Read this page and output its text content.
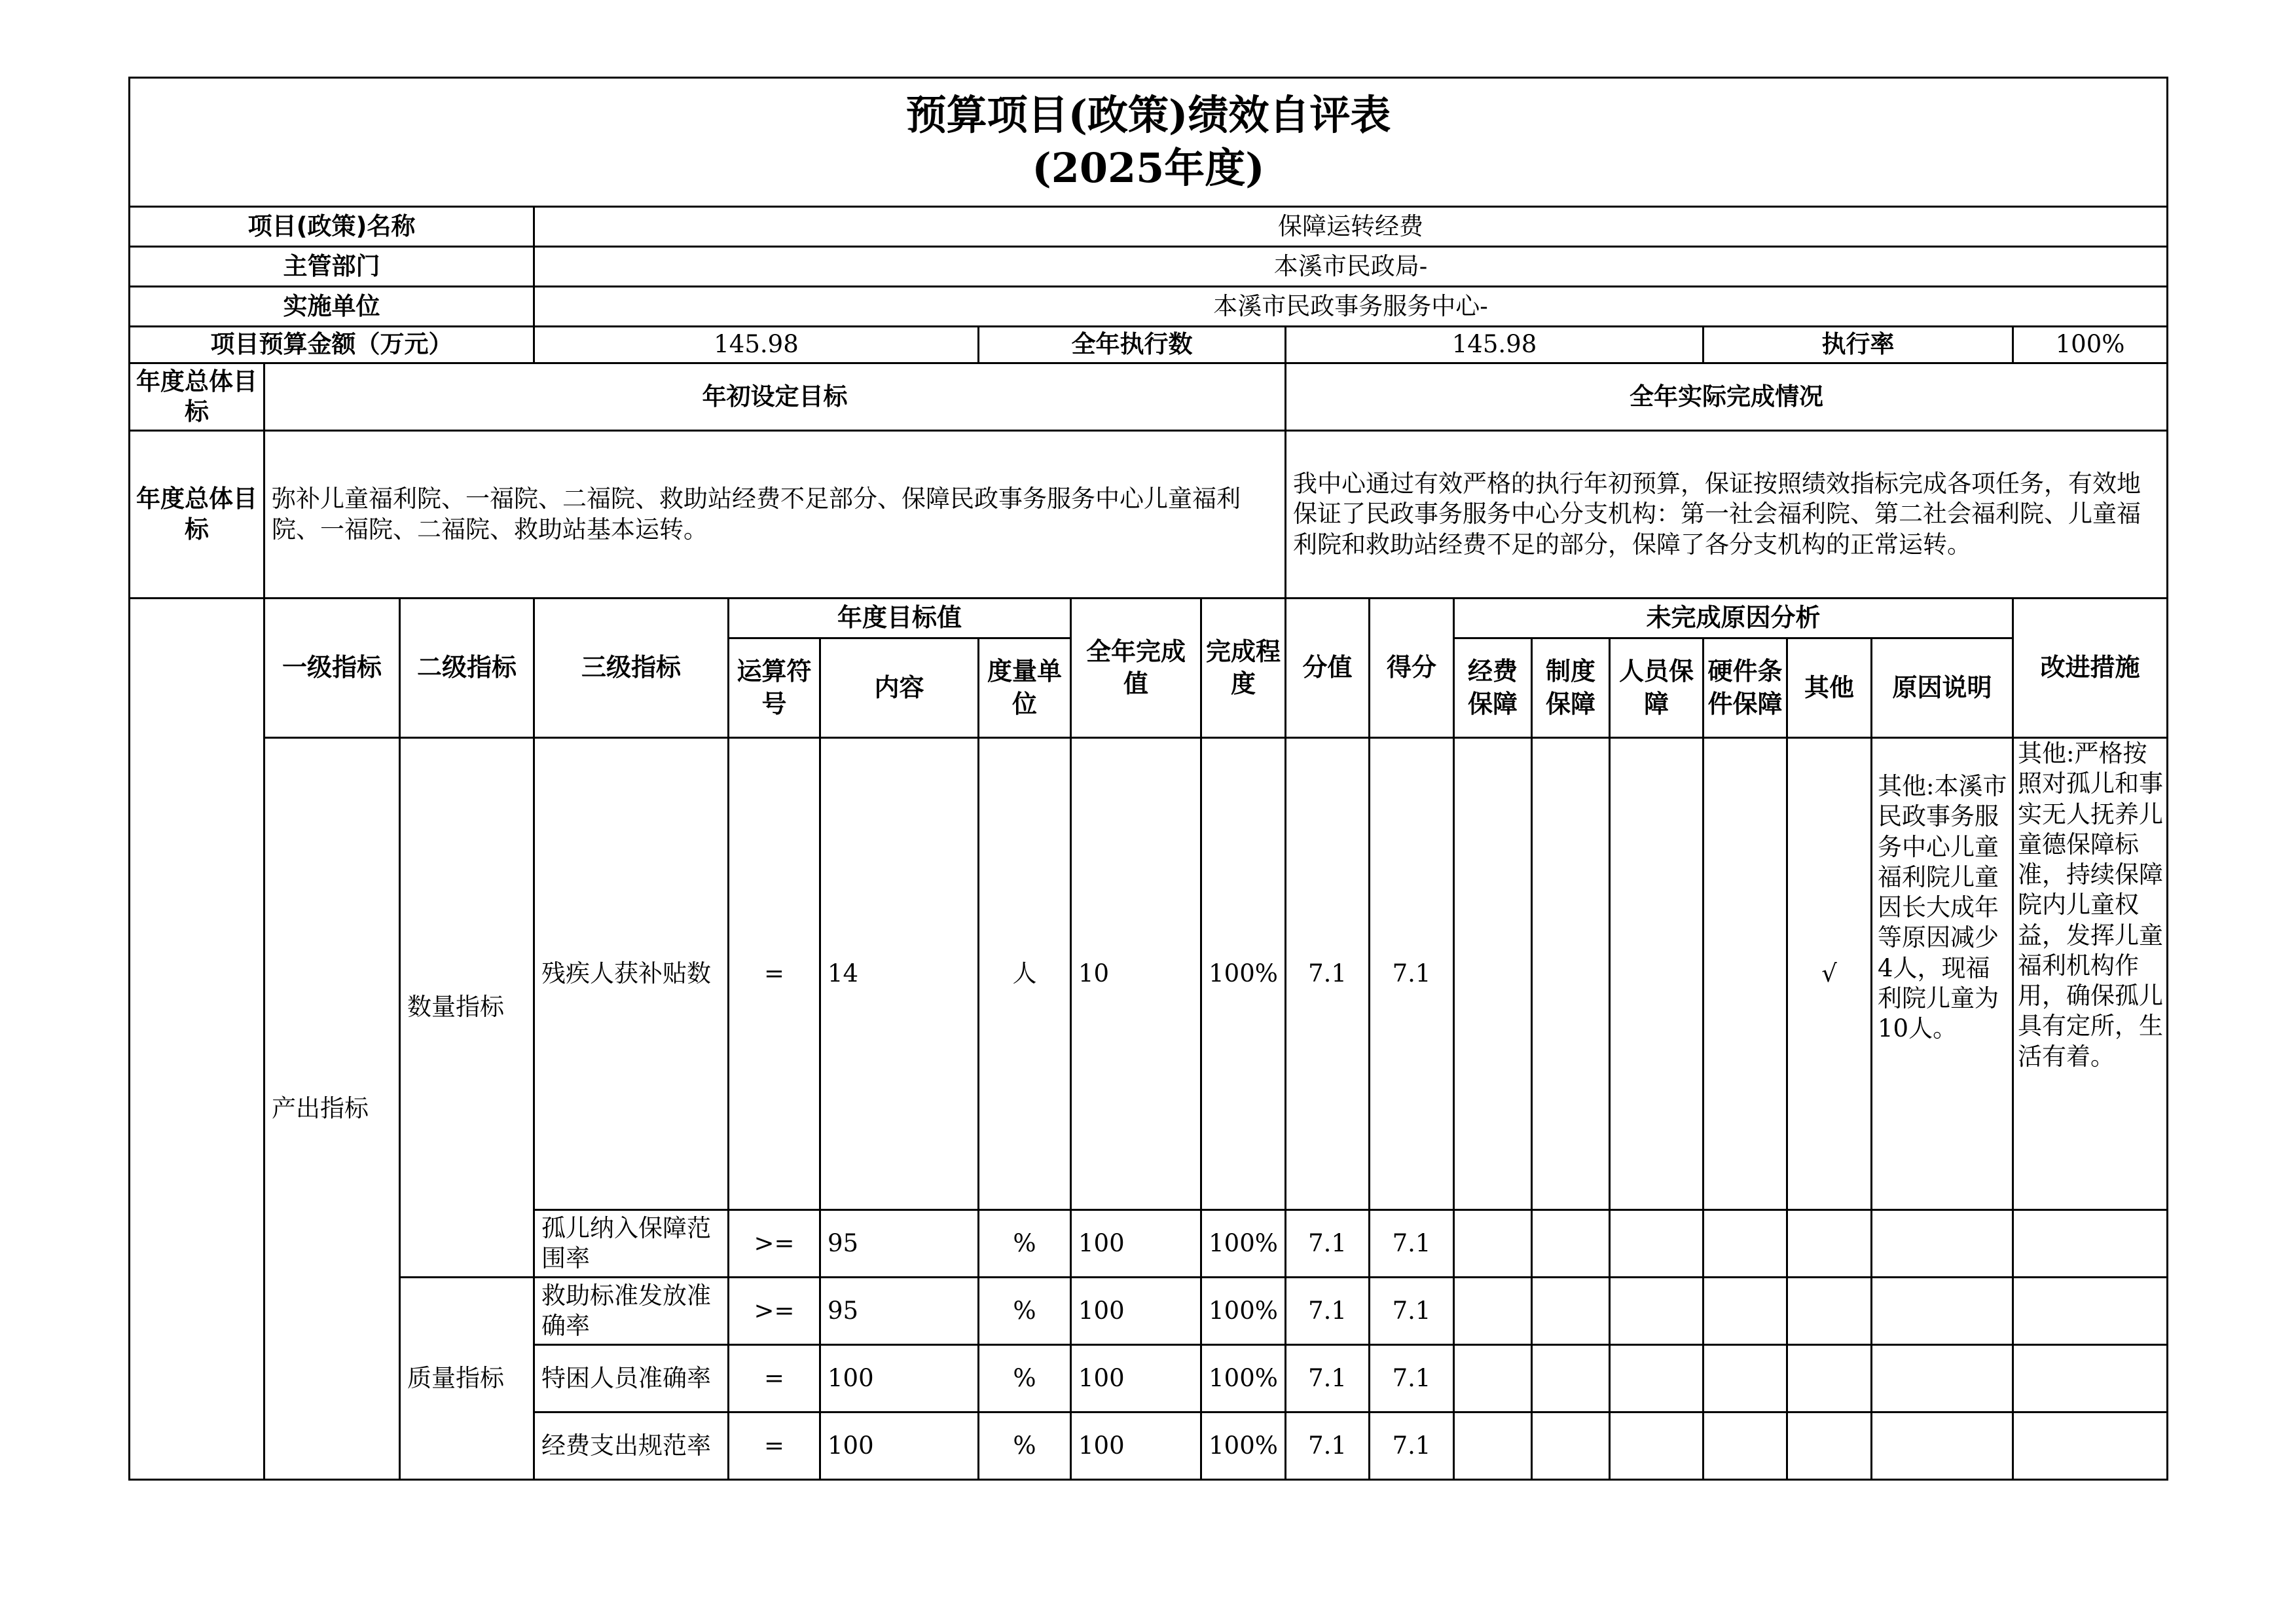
预算项目(政策)绩效自评表
(2025年度)																	

项目(政策)名称			保障运转经费														
主管部门			本溪市民政局-														
实施单位			本溪市民政事务服务中心-														
项目预算金额（万元）			145.98			全年执行数			145.98					执行率			100%
年度总体目标	年初设定目标								全年实际完成情况								
年度总体目标	弥补儿童福利院、一福院、二福院、救助站经费不足部分、保障民政事务服务中心儿童福利院、一福院、二福院、救助站基本运转。								我中心通过有效严格的执行年初预算，保证按照绩效指标完成各项任务，有效地保证了民政事务服务中心分支机构：第一社会福利院、第二社会福利院、儿童福利院和救助站经费不足的部分，保障了各分支机构的正常运转。								
	一级指标	二级指标	三级指标	年度目标值			全年完成值	完成程度	分值	得分	未完成原因分析						改进措施
				运算符号	内容	度量单位					经费保障	制度保障	人员保障	硬件条件保障	其他	原因说明	
	产出指标	数量指标	残疾人获补贴数	=	14	人	10	100%	7.1	7.1					√	其他:本溪市民政事务服务中心儿童福利院儿童因长大成年等原因减少4人，现福利院儿童为10人。	其他:严格按照对孤儿和事实无人抚养儿童德保障标准，持续保障院内儿童权益，发挥儿童福利机构作用，确保孤儿具有定所，生活有着。
			孤儿纳入保障范围率	>=	95	%	100	100%	7.1	7.1							
		质量指标	救助标准发放准确率	>=	95	%	100	100%	7.1	7.1							
			特困人员准确率	=	100	%	100	100%	7.1	7.1							
			经费支出规范率	=	100	%	100	100%	7.1	7.1							
